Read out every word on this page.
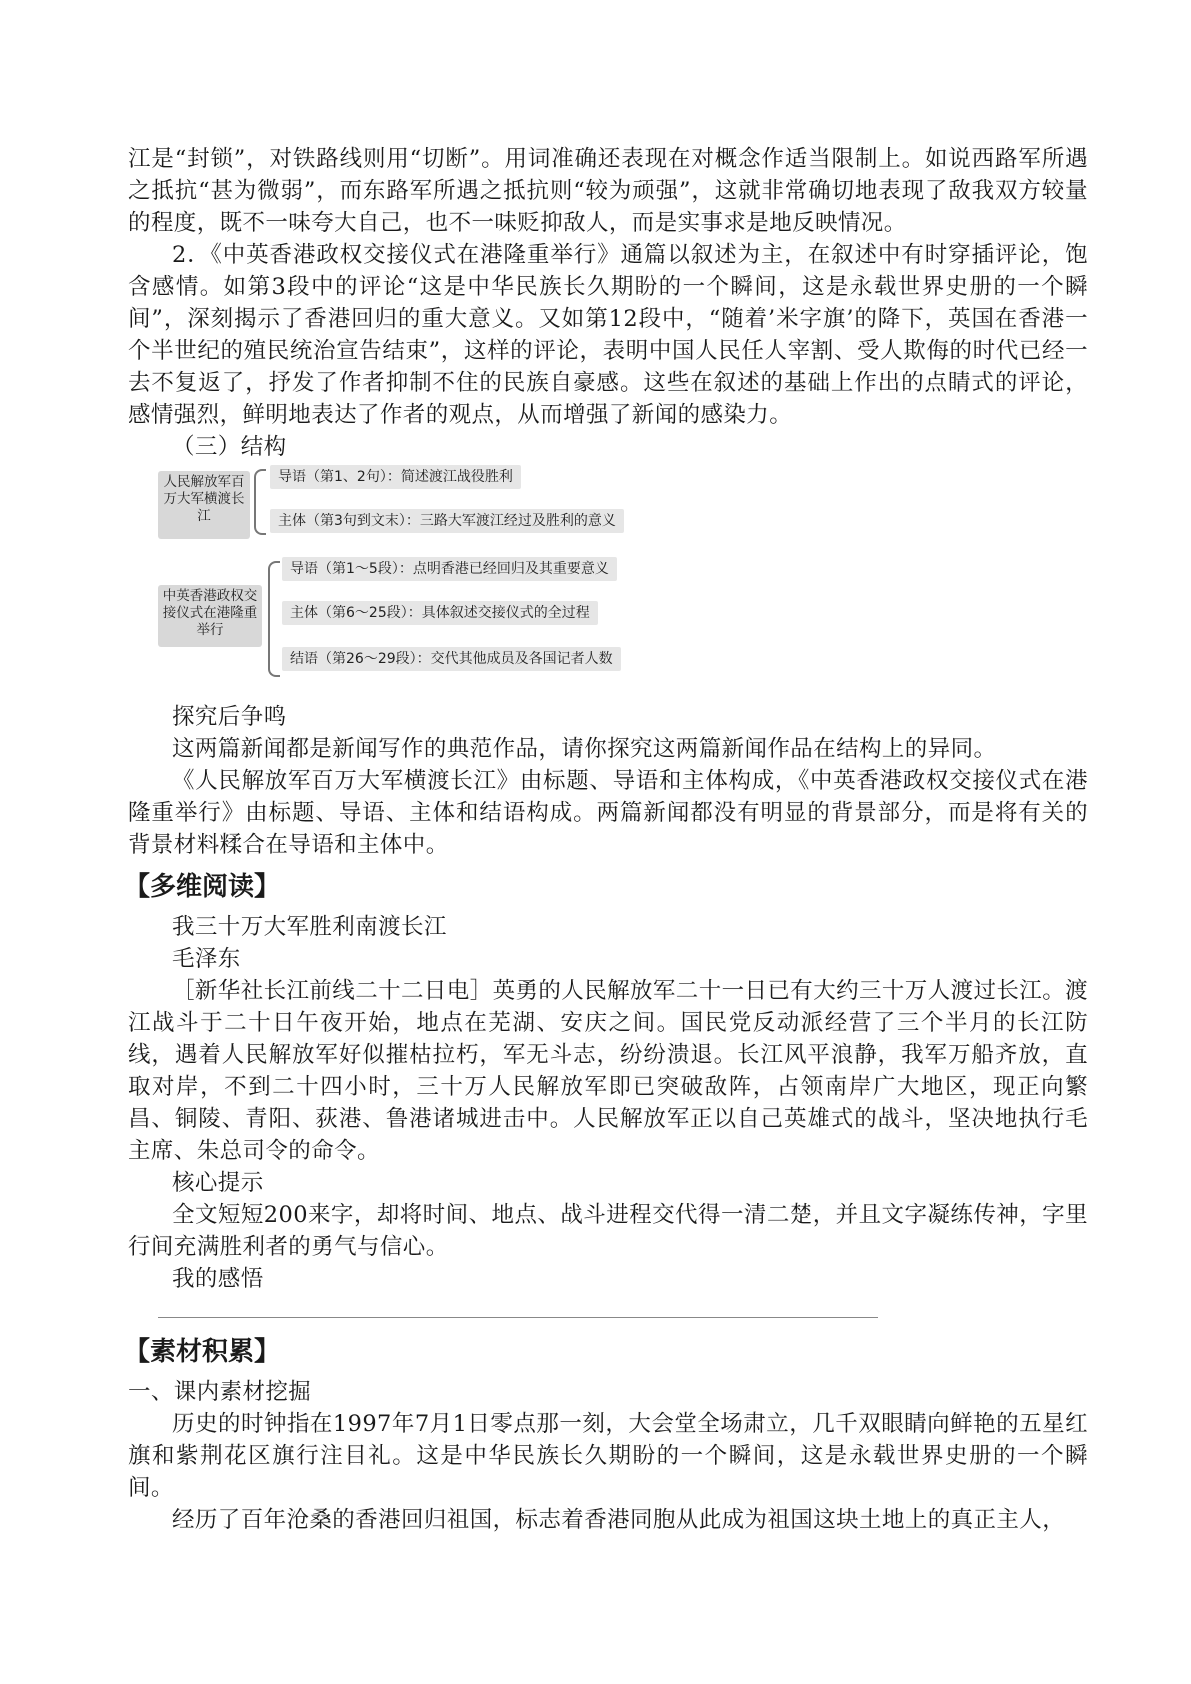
江是“封锁”，对铁路线则用“切断”。用词准确还表现在对概念作适当限制上。如说西路军所遇之抵抗“甚为微弱”，而东路军所遇之抵抗则“较为顽强”，这就非常确切地表现了敌我双方较量的程度，既不一味夸大自己，也不一味贬抑敌人，而是实事求是地反映情况。

2．《中英香港政权交接仪式在港隆重举行》通篇以叙述为主，在叙述中有时穿插评论，饱含感情。如第3段中的评论“这是中华民族长久期盼的一个瞬间，这是永载世界史册的一个瞬间”，深刻揭示了香港回归的重大意义。又如第12段中，“随着’米字旗’的降下，英国在香港一个半世纪的殖民统治宣告结束”，这样的评论，表明中国人民任人宰割、受人欺侮的时代已经一去不复返了，抒发了作者抑制不住的民族自豪感。这些在叙述的基础上作出的点睛式的评论，感情强烈，鲜明地表达了作者的观点，从而增强了新闻的感染力。

（三）结构

人民解放军百万大军横渡长江
导语（第1、2句）：简述渡江战役胜利
主体（第3句到文末）：三路大军渡江经过及胜利的意义
中英香港政权交接仪式在港隆重举行
导语（第1～5段）：点明香港已经回归及其重要意义
主体（第6～25段）：具体叙述交接仪式的全过程
结语（第26～29段）：交代其他成员及各国记者人数

探究后争鸣

这两篇新闻都是新闻写作的典范作品，请你探究这两篇新闻作品在结构上的异同。

《人民解放军百万大军横渡长江》由标题、导语和主体构成，《中英香港政权交接仪式在港隆重举行》由标题、导语、主体和结语构成。两篇新闻都没有明显的背景部分，而是将有关的背景材料糅合在导语和主体中。

【多维阅读】

我三十万大军胜利南渡长江

毛泽东

［新华社长江前线二十二日电］英勇的人民解放军二十一日已有大约三十万人渡过长江。渡江战斗于二十日午夜开始，地点在芜湖、安庆之间。国民党反动派经营了三个半月的长江防线，遇着人民解放军好似摧枯拉朽，军无斗志，纷纷溃退。长江风平浪静，我军万船齐放，直取对岸，不到二十四小时，三十万人民解放军即已突破敌阵，占领南岸广大地区，现正向繁昌、铜陵、青阳、荻港、鲁港诸城进击中。人民解放军正以自己英雄式的战斗，坚决地执行毛主席、朱总司令的命令。

核心提示

全文短短200来字，却将时间、地点、战斗进程交代得一清二楚，并且文字凝练传神，字里行间充满胜利者的勇气与信心。

我的感悟

【素材积累】

一、课内素材挖掘

历史的时钟指在1997年7月1日零点那一刻，大会堂全场肃立，几千双眼睛向鲜艳的五星红旗和紫荆花区旗行注目礼。这是中华民族长久期盼的一个瞬间，这是永载世界史册的一个瞬间。

经历了百年沧桑的香港回归祖国，标志着香港同胞从此成为祖国这块土地上的真正主人，
